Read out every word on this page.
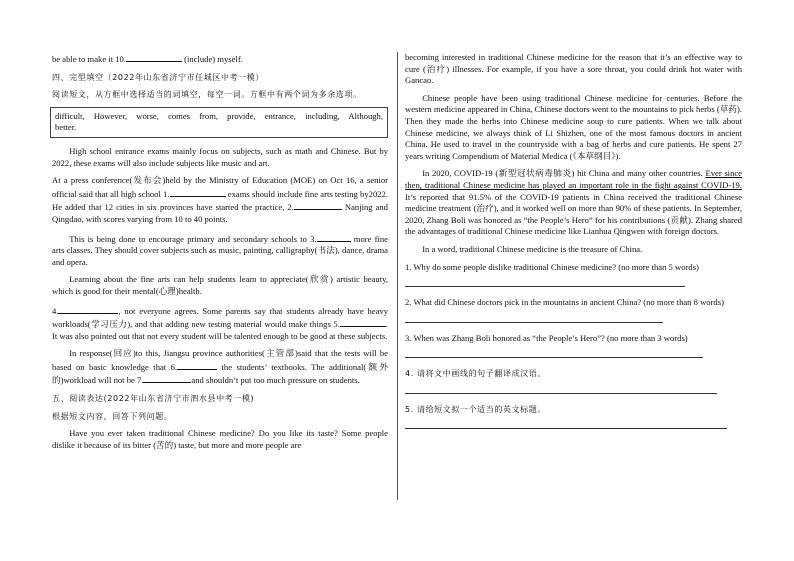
be able to make it 10.	(include) myself.

四、完型填空（2022年山东省济宁市任城区中考一模）

阅读短文，从方框中选择适当的词填空，每空一词。方框中有两个词为多余选项。

difficult, However, worse, comes from, provide, entrance, including, Although, better.

High school entrance exams mainly focus on subjects, such as math and Chinese. But by 2022, these exams will also include subjects like music and art.

At a press conference(发布会)held by the Ministry of Education (MOE) on Oct 16, a senior official said that all high school 1.	exams should include fine arts testing by2022. He added that 12 cities in six provinces have started the practice, 2.	Nanjing and Qingdao, with scores varying from 10 to 40 points.

This is being done to encourage primary and secondary schools to 3.	more fine arts classes. They should cover subjects such as music, painting, calligraphy(书法), dance, drama and opera.

Learning about the fine arts can help students learn to appreciate(欣赏) artistic beauty, which is good for their mental(心理)health.

4.	, not everyone agrees. Some parents say that students already have heavy workloads(学习压力), and that adding new testing material would make things 5.	. It was also pointed out that not every student will be talented enough to be good at these subjects.

In response(回应)to this, Jiangsu province authorities(主管部)said that the tests will be based on basic knowledge that 6.	the students’ textbooks. The additional(额外的)workload will not be 7.	and shouldn’t put too much pressure on students.

五、阅读表达(2022年山东省济宁市泗水县中考一模)

根据短文内容，回答下列问题。

Have you ever taken traditional Chinese medicine? Do you like its taste? Some people dislike it because of its bitter (苦的) taste, but more and more people are

becoming interested in traditional Chinese medicine for the reason that it’s an effective way to cure (治疗) illnesses. For example, if you have a sore throat, you could drink hot water with Gancao.

Chinese people have been using traditional Chinese medicine for centuries. Before the western medicine appeared in China, Chinese doctors went to the mountains to pick herbs (草药). Then they made the herbs into Chinese medicine soup to cure patients. When we talk about Chinese medicine, we always think of Li Shizhen, one of the most famous doctors in ancient China. He used to travel in the countryside with a bag of herbs and cure patients. He spent 27 years writing Compendium of Material Medica (《本草纲目》).

In 2020, COVID-19 (新型冠状病毒肺炎) hit China and many other countries. Ever since then, traditional Chinese medicine has played an important role in the fight against COVID-19. It’s reported that 91.5% of the COVID-19 patients in China received the traditional Chinese medicine treatment (治疗), and it worked well on more than 90% of these patients. In September, 2020, Zhang Boli was honored as “the People’s Hero” for his contributions (贡献). Zhang shared the advantages of traditional Chinese medicine like Lianhua Qingwen with foreign doctors.

In a word, traditional Chinese medicine is the treasure of China.

1. Why do some people dislike traditional Chinese medicine? (no more than 5 words)

2. What did Chinese doctors pick in the mountains in ancient China? (no more than 8 words)

3. When was Zhang Boli honored as “the People’s Hero”? (no more than 3 words)

4. 请将文中画线的句子翻译成汉语。

5. 请给短文拟一个适当的英文标题。
